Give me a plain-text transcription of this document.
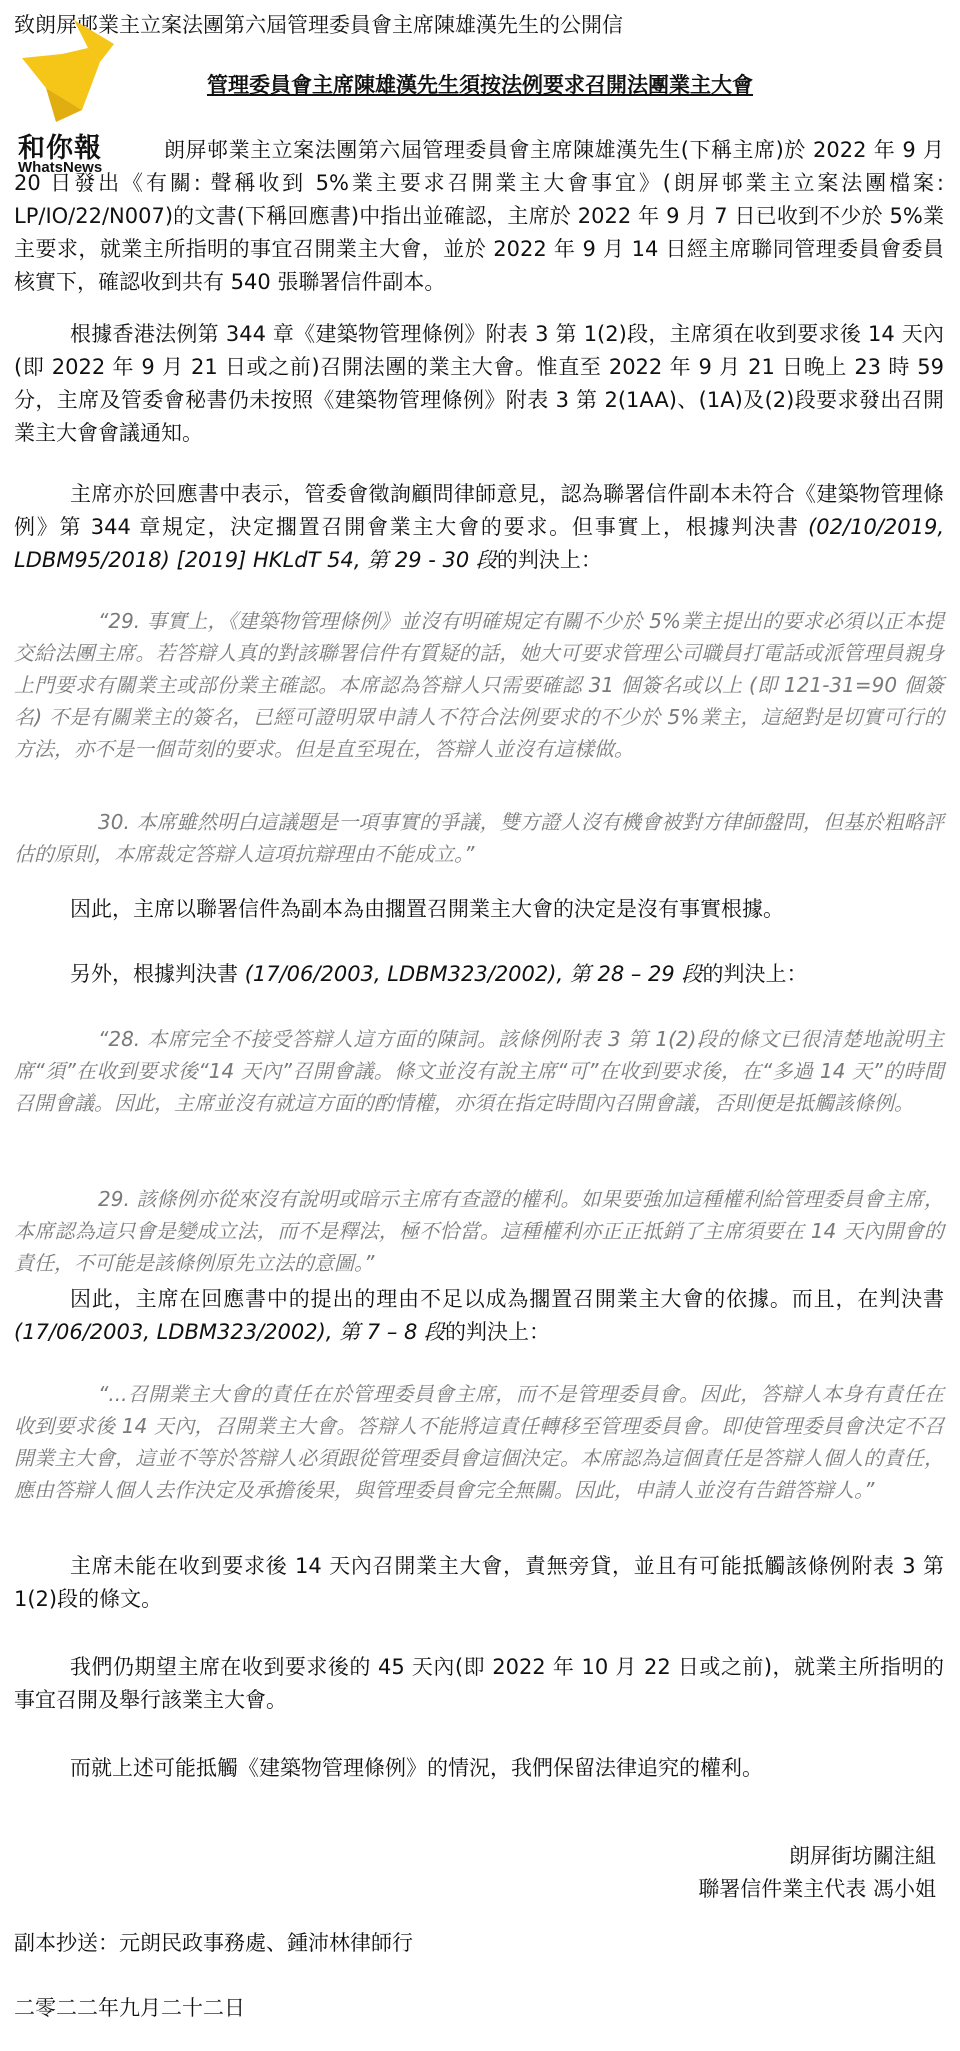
致朗屏邨業主立案法團第六屆管理委員會主席陳雄漢先生的公開信
和你報
WhatsNews
管理委員會主席陳雄漢先生須按法例要求召開法團業主大會
朗屏邨業主立案法團第六屆管理委員會主席陳雄漢先生(下稱主席)於 2022 年 9 月 20 日發出《有關: 聲稱收到 5%業主要求召開業主大會事宜》(朗屏邨業主立案法團檔案: LP/IO/22/N007)的文書(下稱回應書)中指出並確認，主席於 2022 年 9 月 7 日已收到不少於 5%業主要求，就業主所指明的事宜召開業主大會，並於 2022 年 9 月 14 日經主席聯同管理委員會委員核實下，確認收到共有 540 張聯署信件副本。
根據香港法例第 344 章《建築物管理條例》附表 3 第 1(2)段，主席須在收到要求後 14 天內(即 2022 年 9 月 21 日或之前)召開法團的業主大會。惟直至 2022 年 9 月 21 日晚上 23 時 59 分，主席及管委會秘書仍未按照《建築物管理條例》附表 3 第 2(1AA)、(1A)及(2)段要求發出召開業主大會會議通知。
主席亦於回應書中表示，管委會徵詢顧問律師意見，認為聯署信件副本未符合《建築物管理條例》第 344 章規定，決定擱置召開會業主大會的要求。但事實上，根據判決書 (02/10/2019, LDBM95/2018) [2019] HKLdT 54, 第 29 - 30 段的判決上：
“29. 事實上，《建築物管理條例》並沒有明確規定有關不少於 5%業主提出的要求必須以正本提交給法團主席。若答辯人真的對該聯署信件有質疑的話，她大可要求管理公司職員打電話或派管理員親身上門要求有關業主或部份業主確認。本席認為答辯人只需要確認 31 個簽名或以上 (即 121-31=90 個簽名) 不是有關業主的簽名，已經可證明眾申請人不符合法例要求的不少於 5%業主，這絕對是切實可行的方法，亦不是一個苛刻的要求。但是直至現在，答辯人並沒有這樣做。
30. 本席雖然明白這議題是一項事實的爭議，雙方證人沒有機會被對方律師盤問，但基於粗略評估的原則，本席裁定答辯人這項抗辯理由不能成立。”
因此，主席以聯署信件為副本為由擱置召開業主大會的決定是沒有事實根據。
另外，根據判決書 (17/06/2003, LDBM323/2002), 第 28 – 29 段的判決上：
“28. 本席完全不接受答辯人這方面的陳詞。該條例附表 3 第 1(2)段的條文已很清楚地說明主席“須”在收到要求後“14 天內”召開會議。條文並沒有說主席“可”在收到要求後，在“多過 14 天”的時間召開會議。因此，主席並沒有就這方面的酌情權，亦須在指定時間內召開會議，否則便是抵觸該條例。
29. 該條例亦從來沒有說明或暗示主席有查證的權利。如果要強加這種權利給管理委員會主席，本席認為這只會是變成立法，而不是釋法，極不恰當。這種權利亦正正抵銷了主席須要在 14 天內開會的責任，不可能是該條例原先立法的意圖。”
因此，主席在回應書中的提出的理由不足以成為擱置召開業主大會的依據。而且，在判決書 (17/06/2003, LDBM323/2002), 第 7 – 8 段的判決上：
“...召開業主大會的責任在於管理委員會主席，而不是管理委員會。因此，答辯人本身有責任在收到要求後 14 天內，召開業主大會。答辯人不能將這責任轉移至管理委員會。即使管理委員會決定不召開業主大會，這並不等於答辯人必須跟從管理委員會這個決定。本席認為這個責任是答辯人個人的責任，應由答辯人個人去作決定及承擔後果，與管理委員會完全無關。因此，申請人並沒有告錯答辯人。”
主席未能在收到要求後 14 天內召開業主大會，責無旁貸，並且有可能抵觸該條例附表 3 第 1(2)段的條文。
我們仍期望主席在收到要求後的 45 天內(即 2022 年 10 月 22 日或之前)，就業主所指明的事宜召開及舉行該業主大會。
而就上述可能抵觸《建築物管理條例》的情況，我們保留法律追究的權利。
朗屏街坊關注組
聯署信件業主代表 馮小姐
副本抄送：元朗民政事務處、鍾沛林律師行
二零二二年九月二十二日
